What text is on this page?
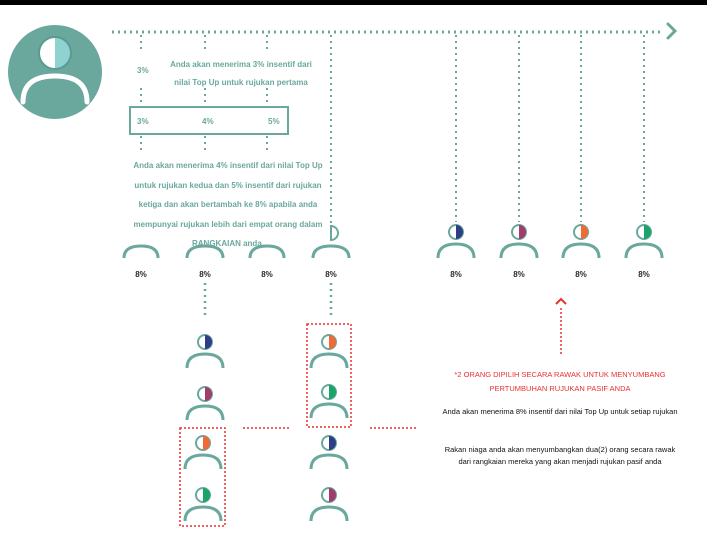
3%
Anda akan menerima 3% insentif dari nilai Top Up untuk rujukan pertama
3%	4%	5%
Anda akan menerima 4% insentif dari nilai Top Up untuk rujukan kedua dan 5% insentif dari rujukan ketiga dan akan bertambah ke 8% apabila anda mempunyai rujukan lebih dari empat orang dalam RANGKAIAN anda.
8%	8%	8%	8%	8%	8%	8%	8%
*2 ORANG DIPILIH SECARA RAWAK UNTUK MENYUMBANG PERTUMBUHAN RUJUKAN PASIF ANDA
Anda akan menerima 8% insentif dari nilai Top Up untuk setiap rujukan
Rakan niaga anda akan menyumbangkan dua(2) orang secara rawak dari rangkaian mereka yang akan menjadi rujukan pasif anda
